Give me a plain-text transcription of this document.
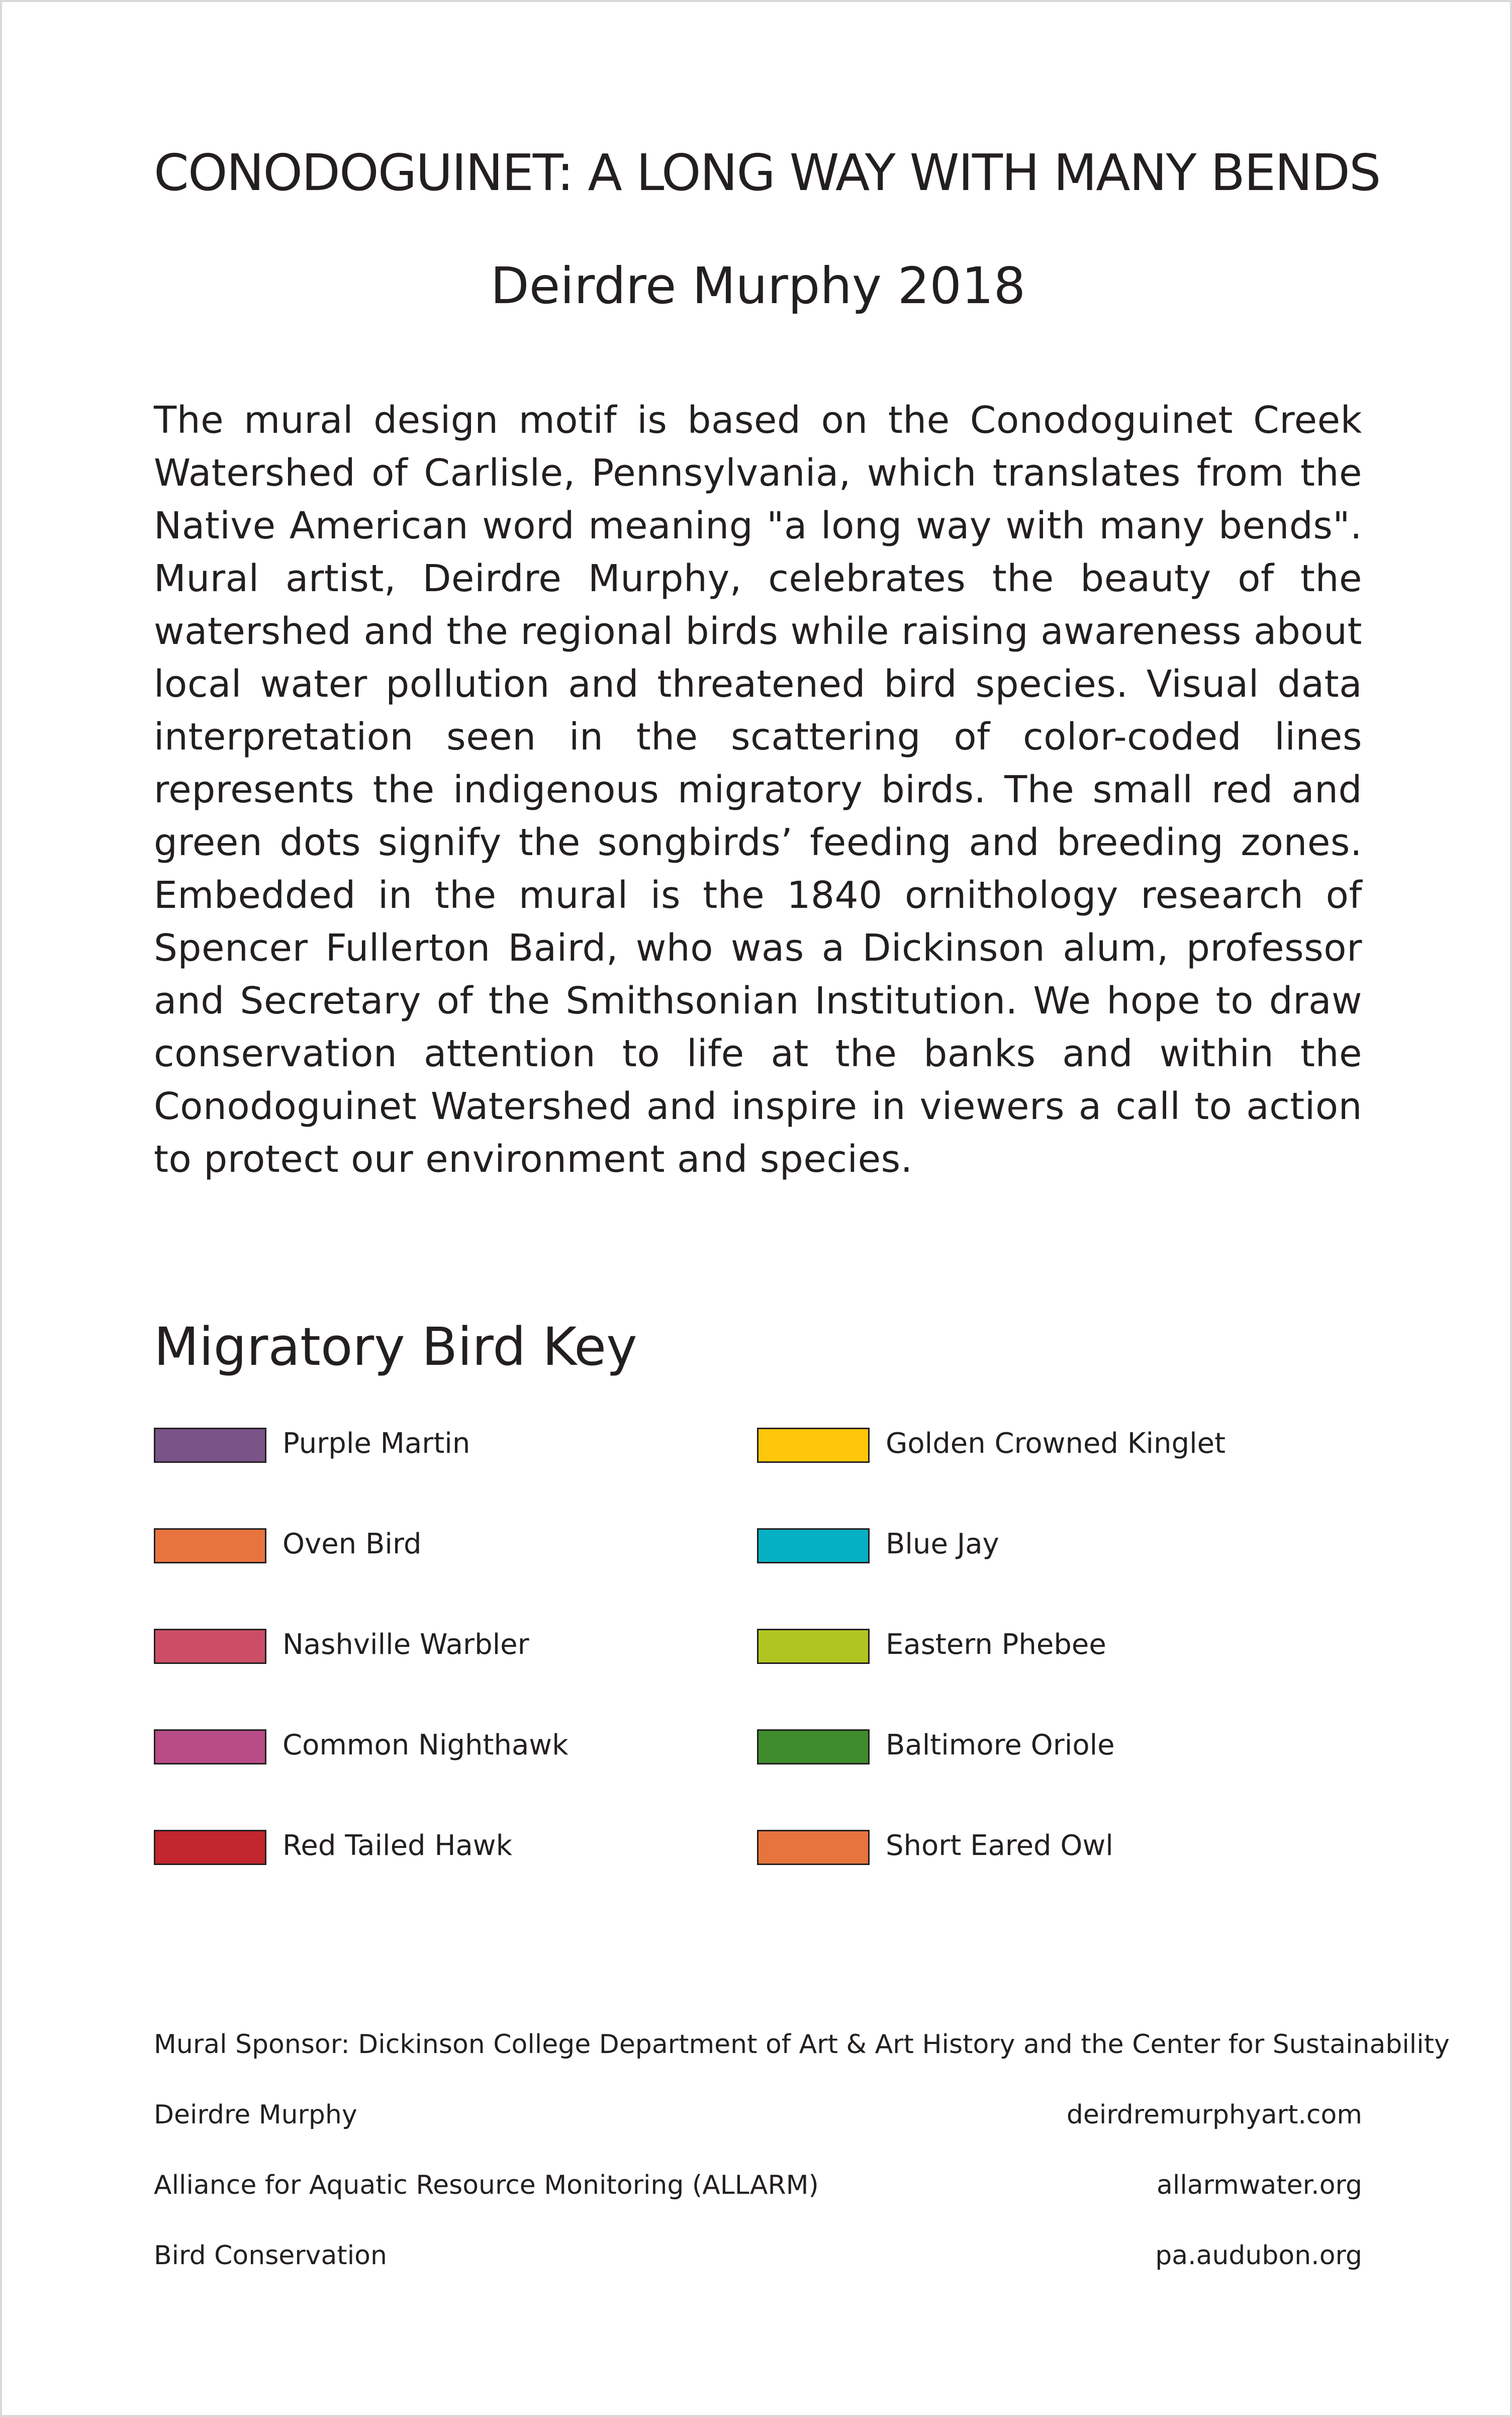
CONODOGUINET: A LONG WAY WITH MANY BENDS
Deirdre Murphy 2018
The mural design motif is based on the Conodoguinet Creek Watershed of Carlisle, Pennsylvania, which translates from the Native American word meaning "a long way with many bends". Mural artist, Deirdre Murphy, celebrates the beauty of the watershed and the regional birds while raising awareness about local water pollution and threatened bird species. Visual data interpretation seen in the scattering of color-coded lines represents the indigenous migratory birds. The small red and green dots signify the songbirds’ feeding and breeding zones. Embedded in the mural is the 1840 ornithology research of Spencer Fullerton Baird, who was a Dickinson alum, professor and Secretary of the Smithsonian Institution. We hope to draw conservation attention to life at the banks and within the Conodoguinet Watershed and inspire in viewers a call to action to protect our environment and species.
Migratory Bird Key
Purple Martin
Oven Bird
Nashville Warbler
Common Nighthawk
Red Tailed Hawk
Golden Crowned Kinglet
Blue Jay
Eastern Phebee
Baltimore Oriole
Short Eared Owl
Mural Sponsor: Dickinson College Department of Art & Art History and the Center for Sustainability
Deirdre Murphy	deirdremurphyart.com
Alliance for Aquatic Resource Monitoring (ALLARM)	allarmwater.org
Bird Conservation	pa.audubon.org
